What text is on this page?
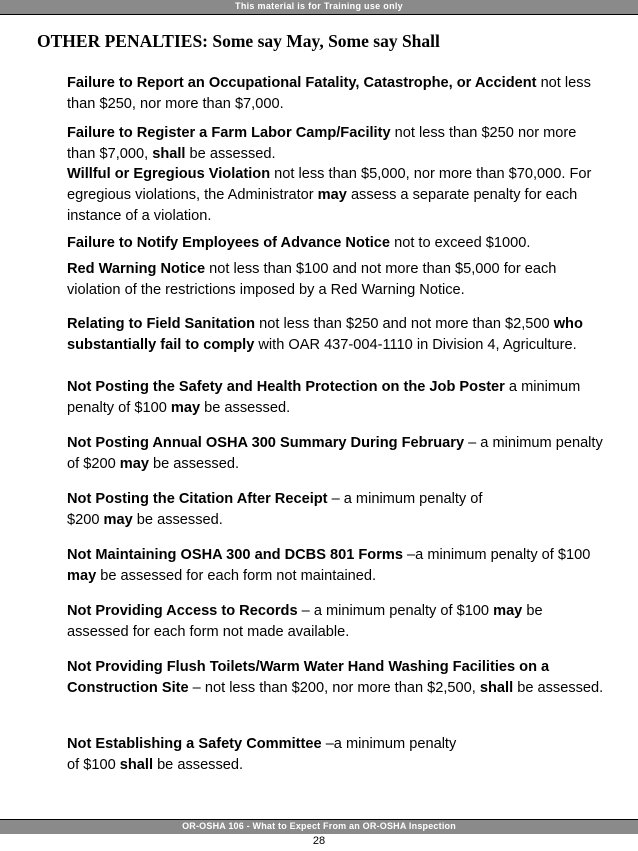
This material is for Training use only
OTHER PENALTIES: Some say May, Some say Shall
Failure to Report an Occupational Fatality, Catastrophe, or Accident not less than $250, nor more than $7,000.
Failure to Register a Farm Labor Camp/Facility not less than $250 nor more than $7,000, shall be assessed.
Willful or Egregious Violation not less than $5,000, nor more than $70,000. For egregious violations, the Administrator may assess a separate penalty for each instance of a violation.
Failure to Notify Employees of Advance Notice not to exceed $1000.
Red Warning Notice not less than $100 and not more than $5,000 for each violation of the restrictions imposed by a Red Warning Notice.
Relating to Field Sanitation not less than $250 and not more than $2,500 who substantially fail to comply with OAR 437-004-1110 in Division 4, Agriculture.
Not Posting the Safety and Health Protection on the Job Poster a minimum penalty of $100 may be assessed.
Not Posting Annual OSHA 300 Summary During February – a minimum penalty of $200 may be assessed.
Not Posting the Citation After Receipt – a minimum penalty of $200 may be assessed.
Not Maintaining OSHA 300 and DCBS 801 Forms –a minimum penalty of $100 may be assessed for each form not maintained.
Not Providing Access to Records – a minimum penalty of $100 may be assessed for each form not made available.
Not Providing Flush Toilets/Warm Water Hand Washing Facilities on a Construction Site – not less than $200, nor more than $2,500, shall be assessed.
Not Establishing a Safety Committee –a minimum penalty of $100 shall be assessed.
OR-OSHA 106 - What to Expect From an OR-OSHA Inspection
28
